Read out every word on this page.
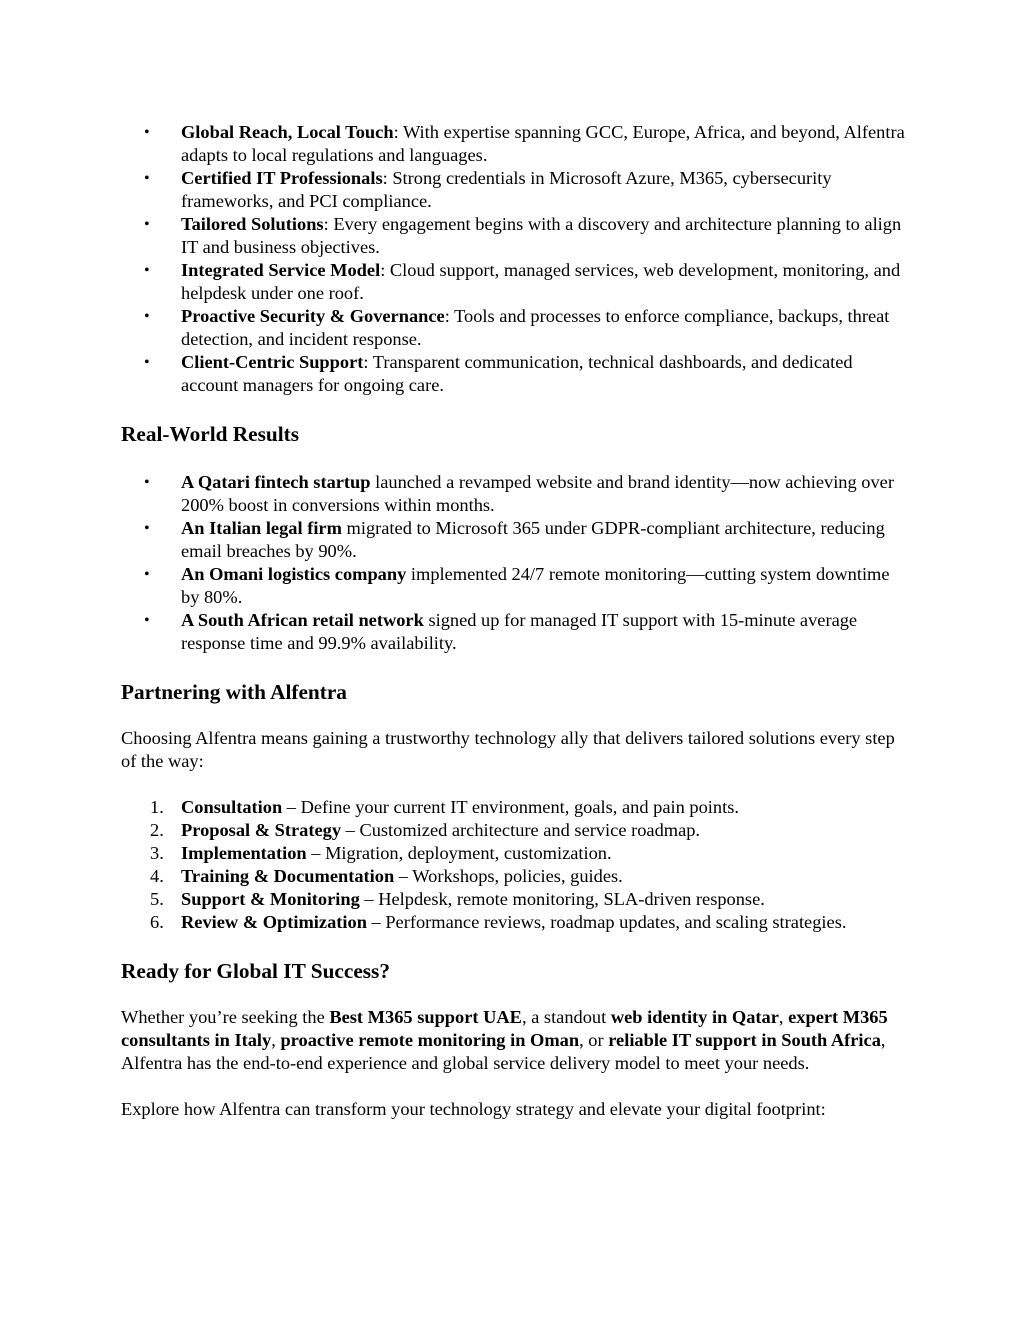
•	Global Reach, Local Touch: With expertise spanning GCC, Europe, Africa, and beyond, Alfentra adapts to local regulations and languages.
•	Certified IT Professionals: Strong credentials in Microsoft Azure, M365, cybersecurity frameworks, and PCI compliance.
•	Tailored Solutions: Every engagement begins with a discovery and architecture planning to align IT and business objectives.
•	Integrated Service Model: Cloud support, managed services, web development, monitoring, and helpdesk under one roof.
•	Proactive Security & Governance: Tools and processes to enforce compliance, backups, threat detection, and incident response.
•	Client-Centric Support: Transparent communication, technical dashboards, and dedicated account managers for ongoing care.
Real-World Results
•	A Qatari fintech startup launched a revamped website and brand identity—now achieving over 200% boost in conversions within months.
•	An Italian legal firm migrated to Microsoft 365 under GDPR-compliant architecture, reducing email breaches by 90%.
•	An Omani logistics company implemented 24/7 remote monitoring—cutting system downtime by 80%.
•	A South African retail network signed up for managed IT support with 15-minute average response time and 99.9% availability.
Partnering with Alfentra

Choosing Alfentra means gaining a trustworthy technology ally that delivers tailored solutions every step of the way:

1. Consultation – Define your current IT environment, goals, and pain points.
2. Proposal & Strategy – Customized architecture and service roadmap.
3. Implementation – Migration, deployment, customization.
4. Training & Documentation – Workshops, policies, guides.
5. Support & Monitoring – Helpdesk, remote monitoring, SLA-driven response.
6. Review & Optimization – Performance reviews, roadmap updates, and scaling strategies.
Ready for Global IT Success?

Whether you’re seeking the Best M365 support UAE, a standout web identity in Qatar, expert M365 consultants in Italy, proactive remote monitoring in Oman, or reliable IT support in South Africa, Alfentra has the end-to-end experience and global service delivery model to meet your needs.

Explore how Alfentra can transform your technology strategy and elevate your digital footprint:
